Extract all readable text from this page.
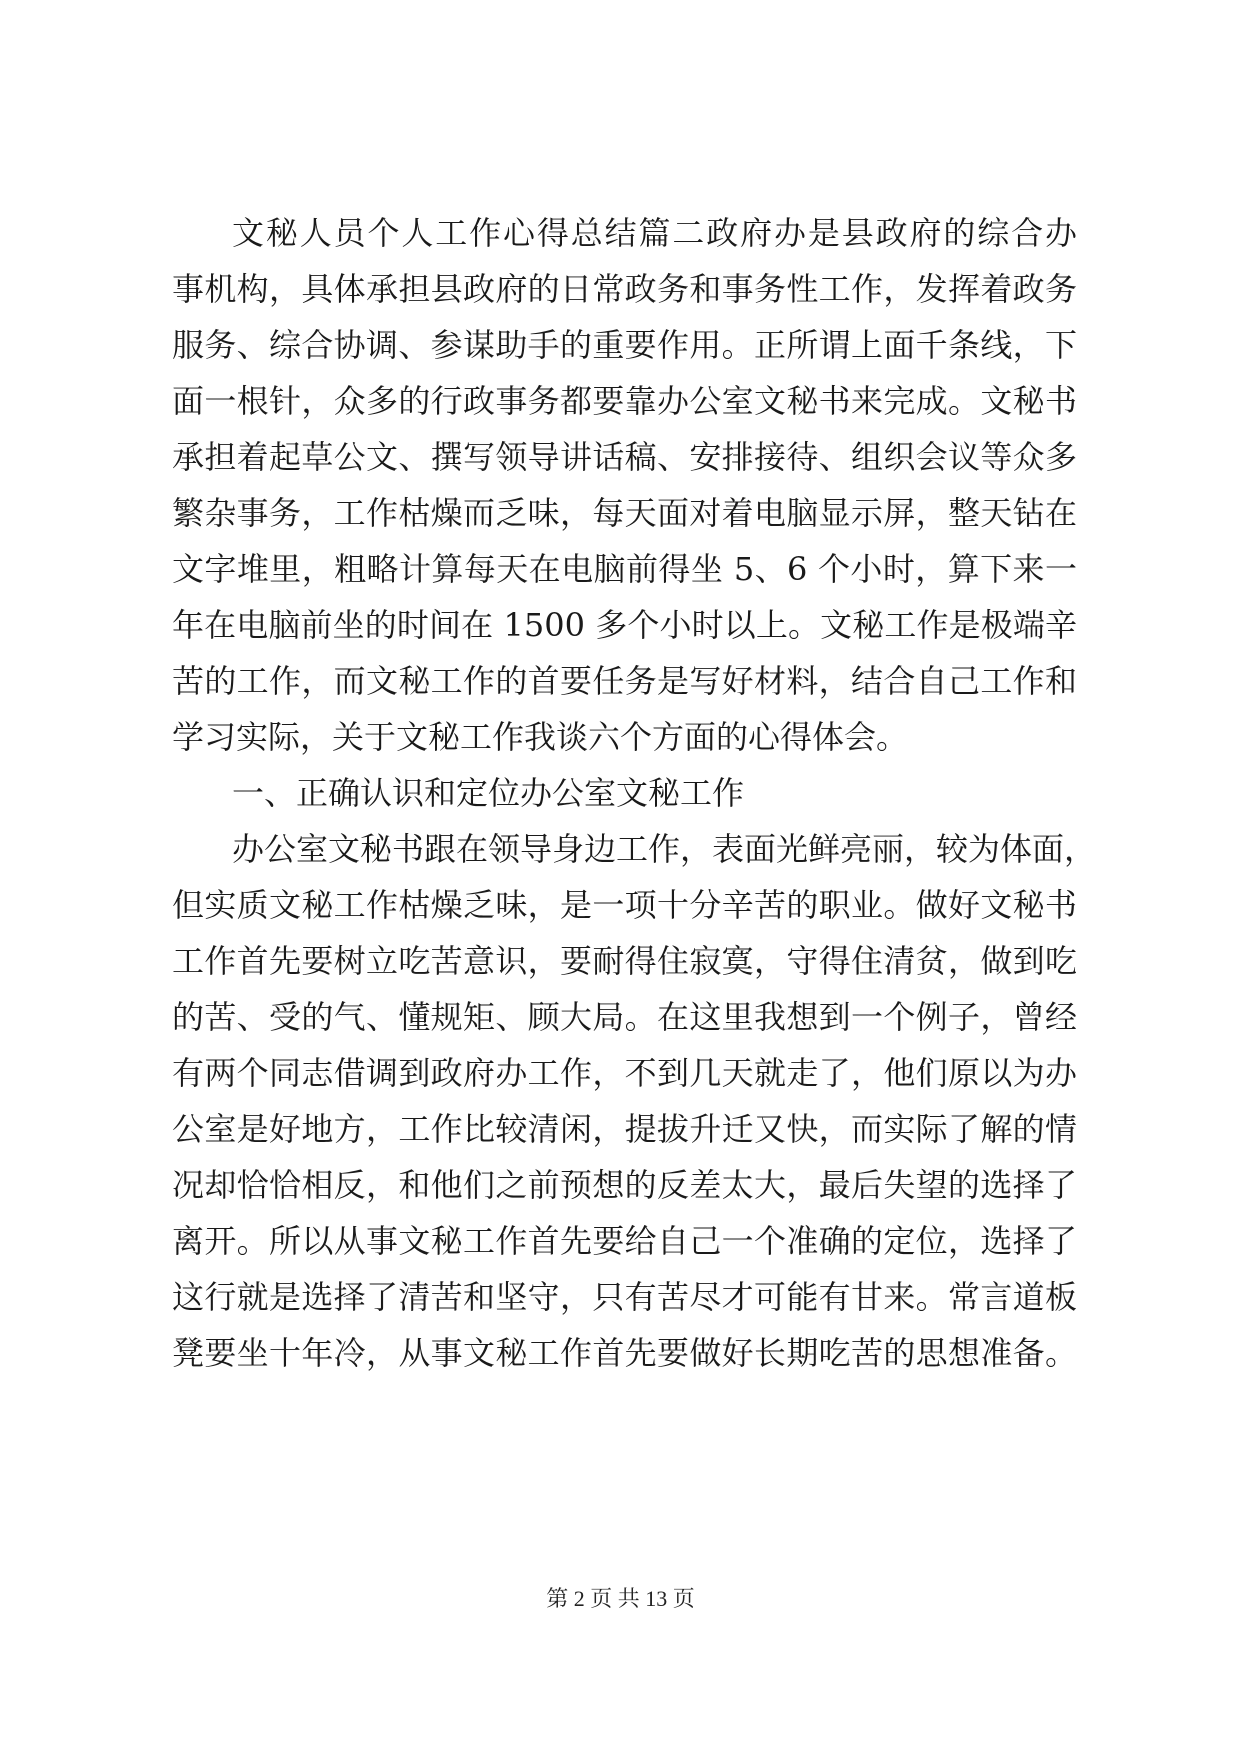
文秘人员个人工作心得总结篇二政府办是县政府的综合办
事机构，具体承担县政府的日常政务和事务性工作，发挥着政务
服务、综合协调、参谋助手的重要作用。正所谓上面千条线，下
面一根针，众多的行政事务都要靠办公室文秘书来完成。文秘书
承担着起草公文、撰写领导讲话稿、安排接待、组织会议等众多
繁杂事务，工作枯燥而乏味，每天面对着电脑显示屏，整天钻在
文字堆里，粗略计算每天在电脑前得坐 5、6 个小时，算下来一
年在电脑前坐的时间在 1500 多个小时以上。文秘工作是极端辛
苦的工作，而文秘工作的首要任务是写好材料，结合自己工作和
学习实际，关于文秘工作我谈六个方面的心得体会。
一、正确认识和定位办公室文秘工作
办公室文秘书跟在领导身边工作，表面光鲜亮丽，较为体面，
但实质文秘工作枯燥乏味，是一项十分辛苦的职业。做好文秘书
工作首先要树立吃苦意识，要耐得住寂寞，守得住清贫，做到吃
的苦、受的气、懂规矩、顾大局。在这里我想到一个例子，曾经
有两个同志借调到政府办工作，不到几天就走了，他们原以为办
公室是好地方，工作比较清闲，提拔升迁又快，而实际了解的情
况却恰恰相反，和他们之前预想的反差太大，最后失望的选择了
离开。所以从事文秘工作首先要给自己一个准确的定位，选择了
这行就是选择了清苦和坚守，只有苦尽才可能有甘来。常言道板
凳要坐十年冷，从事文秘工作首先要做好长期吃苦的思想准备。
第 2 页 共 13 页
